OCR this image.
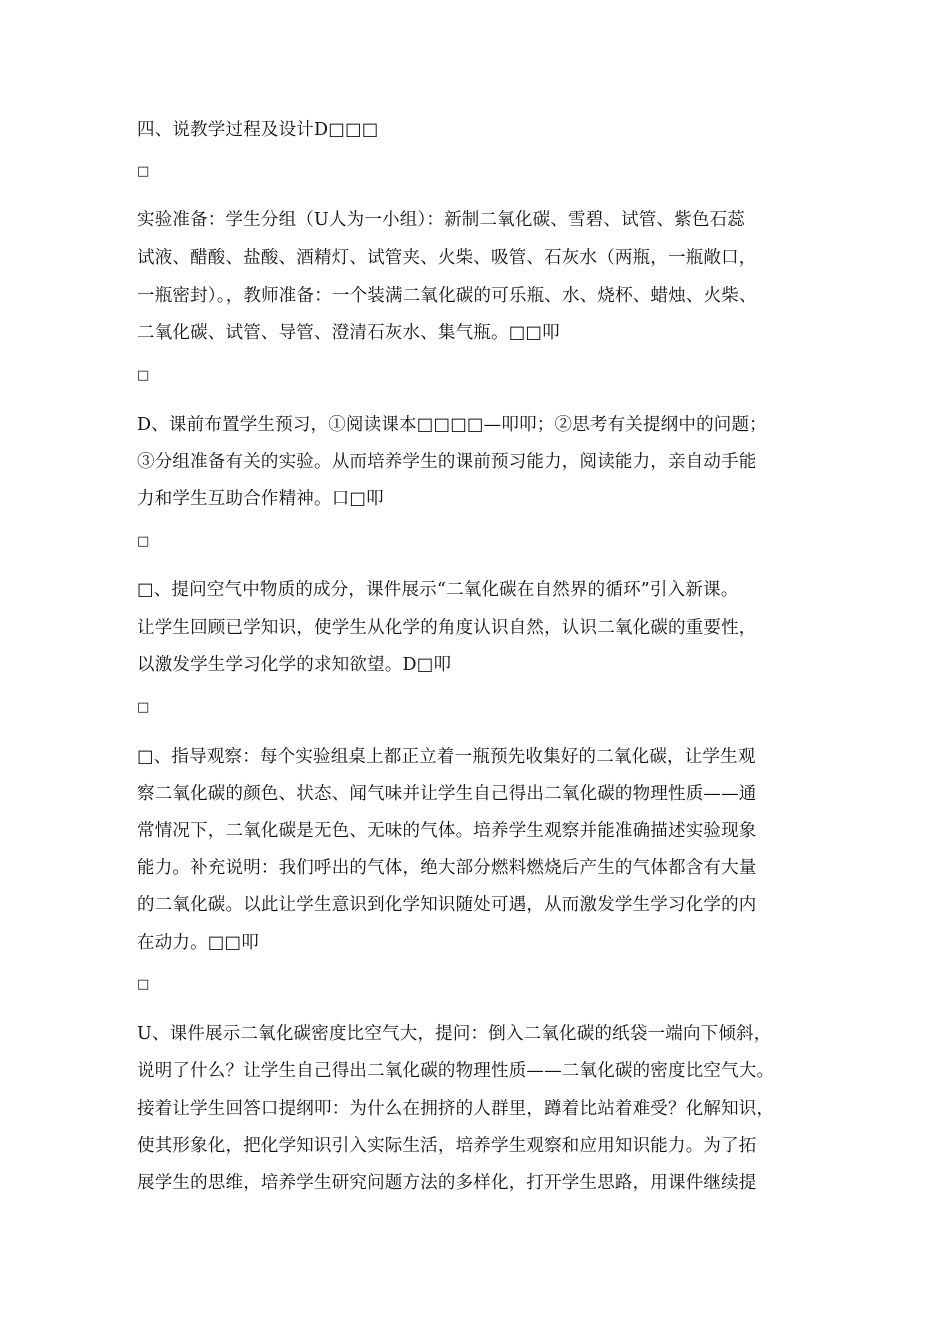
四、说教学过程及设计D□□□
□
实验准备：学生分组（U人为一小组）：新制二氧化碳、雪碧、试管、紫色石蕊
试液、醋酸、盐酸、酒精灯、试管夹、火柴、吸管、石灰水（两瓶，一瓶敞口，
一瓶密封）。，教师准备：一个装满二氧化碳的可乐瓶、水、烧杯、蜡烛、火柴、
二氧化碳、试管、导管、澄清石灰水、集气瓶。□□叩
□
D、课前布置学生预习，①阅读课本□□□□—叩叩；②思考有关提纲中的问题；
③分组准备有关的实验。从而培养学生的课前预习能力，阅读能力，亲自动手能
力和学生互助合作精神。口□叩
□
□、提问空气中物质的成分，课件展示“二氧化碳在自然界的循环”引入新课。
让学生回顾已学知识，使学生从化学的角度认识自然，认识二氧化碳的重要性，
以激发学生学习化学的求知欲望。D□叩
□
□、指导观察：每个实验组桌上都正立着一瓶预先收集好的二氧化碳，让学生观
察二氧化碳的颜色、状态、闻气味并让学生自己得出二氧化碳的物理性质——通
常情况下，二氧化碳是无色、无味的气体。培养学生观察并能准确描述实验现象
能力。补充说明：我们呼出的气体，绝大部分燃料燃烧后产生的气体都含有大量
的二氧化碳。以此让学生意识到化学知识随处可遇，从而激发学生学习化学的内
在动力。□□叩
□
U、课件展示二氧化碳密度比空气大，提问：倒入二氧化碳的纸袋一端向下倾斜，
说明了什么？让学生自己得出二氧化碳的物理性质——二氧化碳的密度比空气大。
接着让学生回答口提纲叩：为什么在拥挤的人群里，蹲着比站着难受？化解知识，
使其形象化，把化学知识引入实际生活，培养学生观察和应用知识能力。为了拓
展学生的思维，培养学生研究问题方法的多样化，打开学生思路，用课件继续提
